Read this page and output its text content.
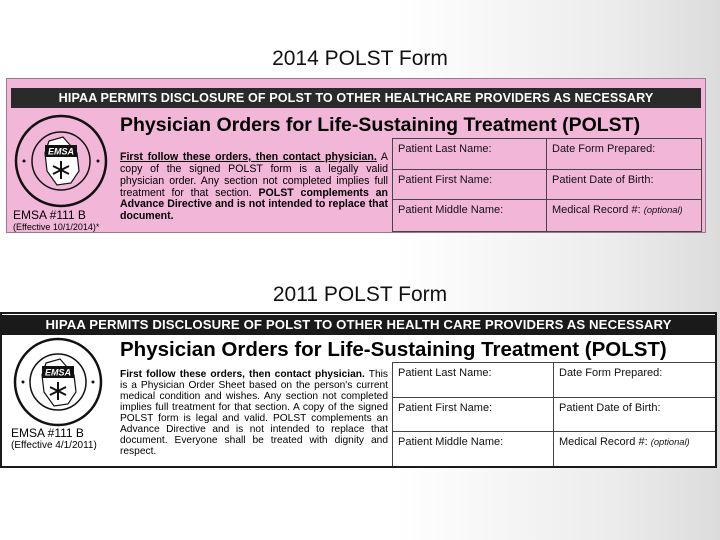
2014 POLST Form
HIPAA PERMITS DISCLOSURE OF POLST TO OTHER HEALTHCARE PROVIDERS AS NECESSARY
EMSA
EMSA #111 B
(Effective 10/1/2014)*
Physician Orders for Life-Sustaining Treatment (POLST)
First follow these orders, then contact physician. A copy of the signed POLST form is a legally valid physician order. Any section not completed implies full treatment for that section. POLST complements an Advance Directive and is not intended to replace that document.
Patient Last Name:	Date Form Prepared:
Patient First Name:	Patient Date of Birth:
Patient Middle Name:	Medical Record #: (optional)
2011 POLST Form
HIPAA PERMITS DISCLOSURE OF POLST TO OTHER HEALTH CARE PROVIDERS AS NECESSARY
EMSA
EMSA #111 B
(Effective 4/1/2011)
Physician Orders for Life-Sustaining Treatment (POLST)
First follow these orders, then contact physician. This is a Physician Order Sheet based on the person's current medical condition and wishes. Any section not completed implies full treatment for that section. A copy of the signed POLST form is legal and valid. POLST complements an Advance Directive and is not intended to replace that document. Everyone shall be treated with dignity and respect.
Patient Last Name:	Date Form Prepared:
Patient First Name:	Patient Date of Birth:
Patient Middle Name:	Medical Record #: (optional)
